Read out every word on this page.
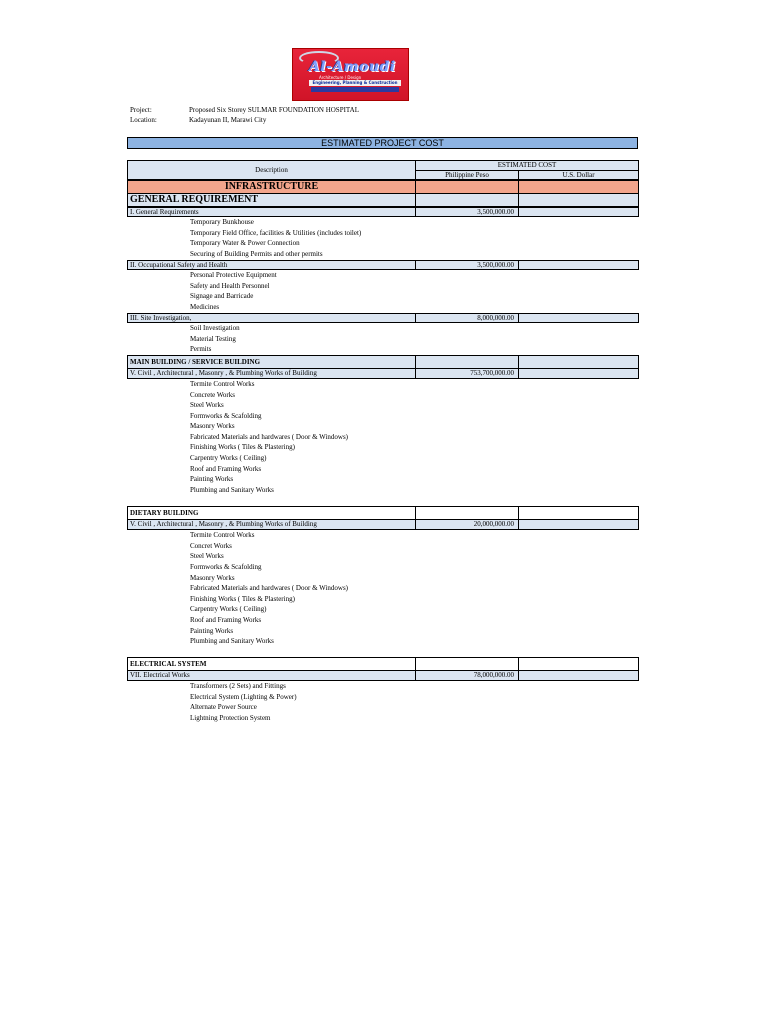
Al-Amoudi
Architecture / Design
Engineering, Planning & Construction
Project:	Proposed Six Storey SULMAR FOUNDATION HOSPITAL
Location:	Kadayunan II, Marawi City
ESTIMATED PROJECT COST
Description
ESTIMATED COST
Philippine Peso	U.S. Dollar
INFRASTRUCTURE
GENERAL REQUIREMENT
I. General Requirements	3,500,000.00
Temporary Bunkhouse
Temporary Field Office, facilities & Utilities (includes toilet)
Temporary Water & Power Connection
Securing of Building Permits and other permits
II. Occupational Safety and Health	3,500,000.00
Personal Protective Equipment
Safety and Health Personnel
Signage and Barricade
Medicines
III. Site Investigation,	8,000,000.00
Soil Investigation
Material Testing
Permits
MAIN BUILDING / SERVICE BUILDING
V. Civil , Architectural , Masonry , & Plumbing Works of Building	753,700,000.00
Termite Control Works
Concrete Works
Steel Works
Formworks & Scafolding
Masonry Works
Fabricated Materials and hardwares ( Door & Windows)
Finishing Works ( Tiles & Plastering)
Carpentry Works ( Ceiling)
Roof and Framing Works
Painting Works
Plumbing and Sanitary Works
DIETARY BUILDING
V. Civil , Architectural , Masonry , & Plumbing Works of Building	20,000,000.00
Termite Control Works
Concret Works
Steel Works
Formworks & Scafolding
Masonry Works
Fabricated Materials and hardwares ( Door & Windows)
Finishing Works ( Tiles & Plastering)
Carpentry Works ( Ceiling)
Roof and Framing Works
Painting Works
Plumbing and Sanitary Works
ELECTRICAL SYSTEM
VII. Electrical Works	78,000,000.00
Transformers (2 Sets) and Fittings
Electrical System (Lighting & Power)
Alternate Power Source
Lightning Protection System
